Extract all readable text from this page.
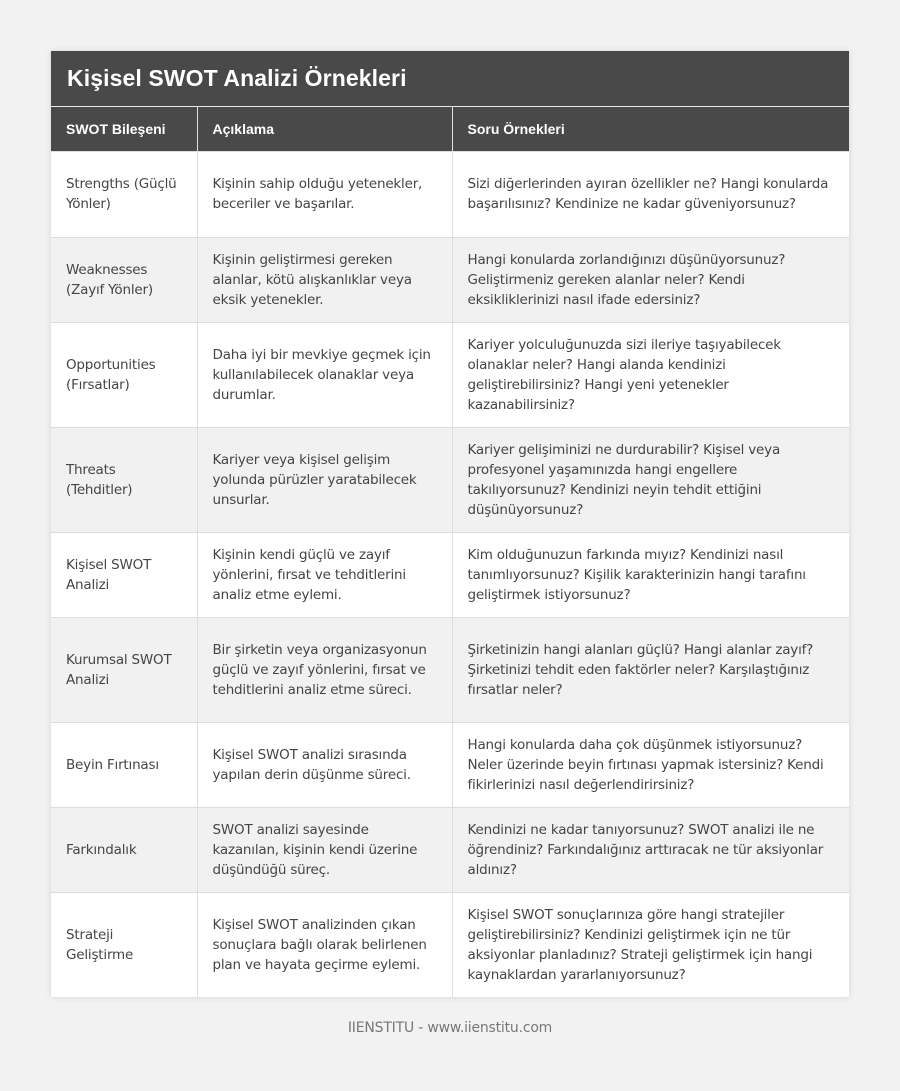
Kişisel SWOT Analizi Örnekleri
SWOT Bileşeni	Açıklama	Soru Örnekleri
Strengths (Güçlü Yönler)	Kişinin sahip olduğu yetenekler, beceriler ve başarılar.	Sizi diğerlerinden ayıran özellikler ne? Hangi konularda başarılısınız? Kendinize ne kadar güveniyorsunuz?
Weaknesses (Zayıf Yönler)	Kişinin geliştirmesi gereken alanlar, kötü alışkanlıklar veya eksik yetenekler.	Hangi konularda zorlandığınızı düşünüyorsunuz? Geliştirmeniz gereken alanlar neler? Kendi eksikliklerinizi nasıl ifade edersiniz?
Opportunities (Fırsatlar)	Daha iyi bir mevkiye geçmek için kullanılabilecek olanaklar veya durumlar.	Kariyer yolculuğunuzda sizi ileriye taşıyabilecek olanaklar neler? Hangi alanda kendinizi geliştirebilirsiniz? Hangi yeni yetenekler kazanabilirsiniz?
Threats (Tehditler)	Kariyer veya kişisel gelişim yolunda pürüzler yaratabilecek unsurlar.	Kariyer gelişiminizi ne durdurabilir? Kişisel veya profesyonel yaşamınızda hangi engellere takılıyorsunuz? Kendinizi neyin tehdit ettiğini düşünüyorsunuz?
Kişisel SWOT Analizi	Kişinin kendi güçlü ve zayıf yönlerini, fırsat ve tehditlerini analiz etme eylemi.	Kim olduğunuzun farkında mıyız? Kendinizi nasıl tanımlıyorsunuz? Kişilik karakterinizin hangi tarafını geliştirmek istiyorsunuz?
Kurumsal SWOT Analizi	Bir şirketin veya organizasyonun güçlü ve zayıf yönlerini, fırsat ve tehditlerini analiz etme süreci.	Şirketinizin hangi alanları güçlü? Hangi alanlar zayıf? Şirketinizi tehdit eden faktörler neler? Karşılaştığınız fırsatlar neler?
Beyin Fırtınası	Kişisel SWOT analizi sırasında yapılan derin düşünme süreci.	Hangi konularda daha çok düşünmek istiyorsunuz? Neler üzerinde beyin fırtınası yapmak istersiniz? Kendi fikirlerinizi nasıl değerlendirirsiniz?
Farkındalık	SWOT analizi sayesinde kazanılan, kişinin kendi üzerine düşündüğü süreç.	Kendinizi ne kadar tanıyorsunuz? SWOT analizi ile ne öğrendiniz? Farkındalığınız arttıracak ne tür aksiyonlar aldınız?
Strateji Geliştirme	Kişisel SWOT analizinden çıkan sonuçlara bağlı olarak belirlenen plan ve hayata geçirme eylemi.	Kişisel SWOT sonuçlarınıza göre hangi stratejiler geliştirebilirsiniz? Kendinizi geliştirmek için ne tür aksiyonlar planladınız? Strateji geliştirmek için hangi kaynaklardan yararlanıyorsunuz?
IIENSTITU - www.iienstitu.com
